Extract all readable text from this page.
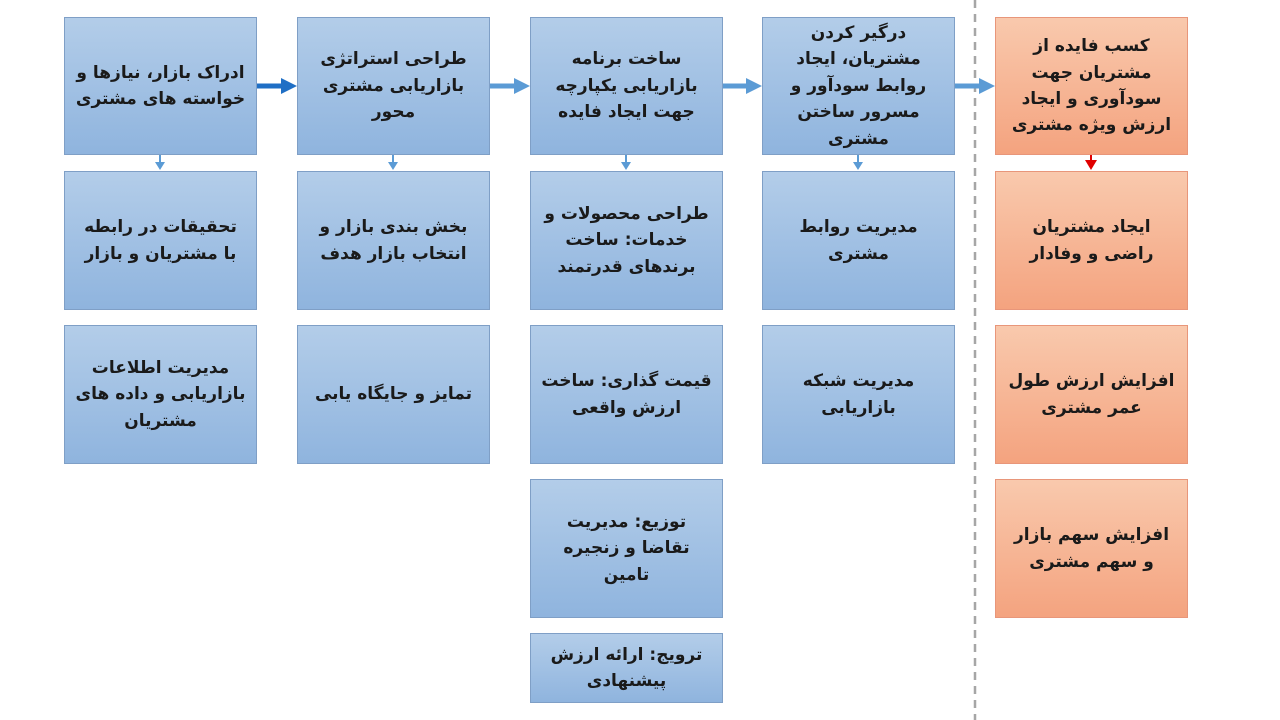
ادراک بازار، نیازها و خواسته های مشتری
تحقیقات در رابطه با مشتریان و بازار
مدیریت اطلاعات بازاریابی و داده های مشتریان
طراحی استراتژی بازاریابی مشتری محور
بخش بندی بازار و انتخاب بازار هدف
تمایز و جایگاه یابی
ساخت برنامه بازاریابی یکپارچه جهت ایجاد فایده
طراحی محصولات و خدمات: ساخت برندهای قدرتمند
قیمت گذاری: ساخت ارزش واقعی
توزیع: مدیریت تقاضا و زنجیره تامین
ترویج: ارائه ارزش پیشنهادی
درگیر کردن مشتریان، ایجاد روابط سودآور و مسرور ساختن مشتری
مدیریت روابط مشتری
مدیریت شبکه بازاریابی
کسب فایده از مشتریان جهت سودآوری و ایجاد ارزش ویژه مشتری
ایجاد مشتریان راضی و وفادار
افزایش ارزش طول عمر مشتری
افزایش سهم بازار و سهم مشتری
